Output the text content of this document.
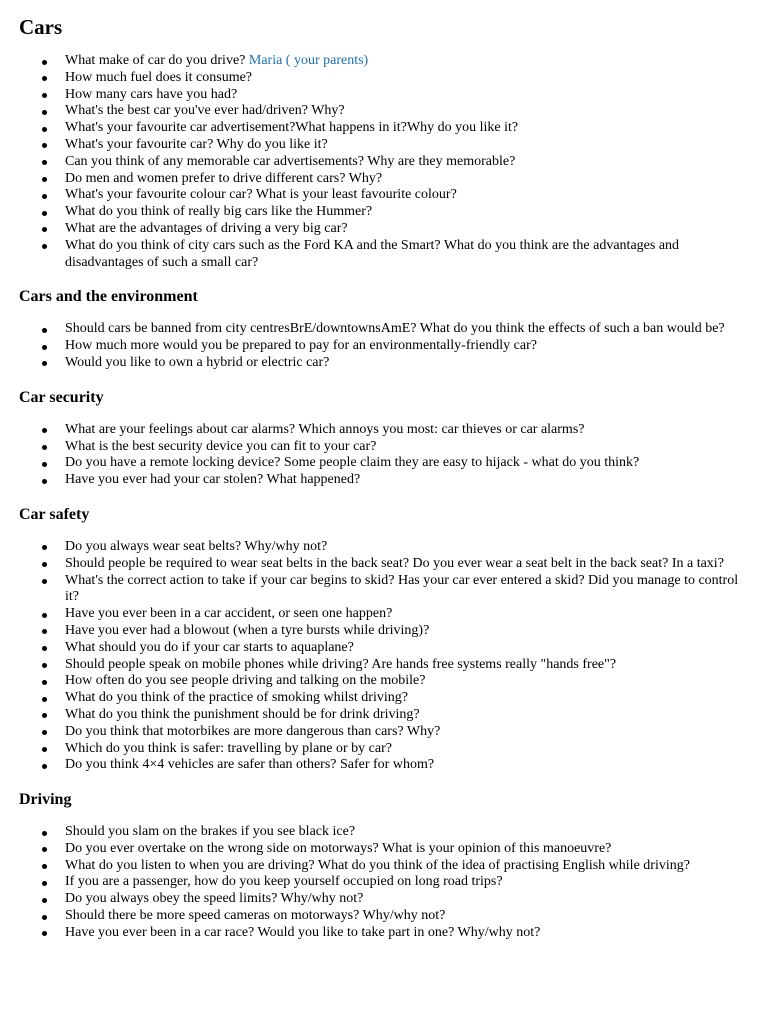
Cars
What make of car do you drive? Maria ( your parents)
How much fuel does it consume?
How many cars have you had?
What's the best car you've ever had/driven? Why?
What's your favourite car advertisement?What happens in it?Why do you like it?
What's your favourite car? Why do you like it?
Can you think of any memorable car advertisements? Why are they memorable?
Do men and women prefer to drive different cars? Why?
What's your favourite colour car? What is your least favourite colour?
What do you think of really big cars like the Hummer?
What are the advantages of driving a very big car?
What do you think of city cars such as the Ford KA and the Smart? What do you think are the advantages and disadvantages of such a small car?
Cars and the environment
Should cars be banned from city centresBrE/downtownsAmE? What do you think the effects of such a ban would be?
How much more would you be prepared to pay for an environmentally-friendly car?
Would you like to own a hybrid or electric car?
Car security
What are your feelings about car alarms? Which annoys you most: car thieves or car alarms?
What is the best security device you can fit to your car?
Do you have a remote locking device? Some people claim they are easy to hijack - what do you think?
Have you ever had your car stolen? What happened?
Car safety
Do you always wear seat belts? Why/why not?
Should people be required to wear seat belts in the back seat? Do you ever wear a seat belt in the back seat? In a taxi?
What's the correct action to take if your car begins to skid? Has your car ever entered a skid? Did you manage to control it?
Have you ever been in a car accident, or seen one happen?
Have you ever had a blowout (when a tyre bursts while driving)?
What should you do if your car starts to aquaplane?
Should people speak on mobile phones while driving? Are hands free systems really "hands free"?
How often do you see people driving and talking on the mobile?
What do you think of the practice of smoking whilst driving?
What do you think the punishment should be for drink driving?
Do you think that motorbikes are more dangerous than cars? Why?
Which do you think is safer: travelling by plane or by car?
Do you think 4×4 vehicles are safer than others? Safer for whom?
Driving
Should you slam on the brakes if you see black ice?
Do you ever overtake on the wrong side on motorways? What is your opinion of this manoeuvre?
What do you listen to when you are driving? What do you think of the idea of practising English while driving?
If you are a passenger, how do you keep yourself occupied on long road trips?
Do you always obey the speed limits? Why/why not?
Should there be more speed cameras on motorways? Why/why not?
Have you ever been in a car race? Would you like to take part in one? Why/why not?
